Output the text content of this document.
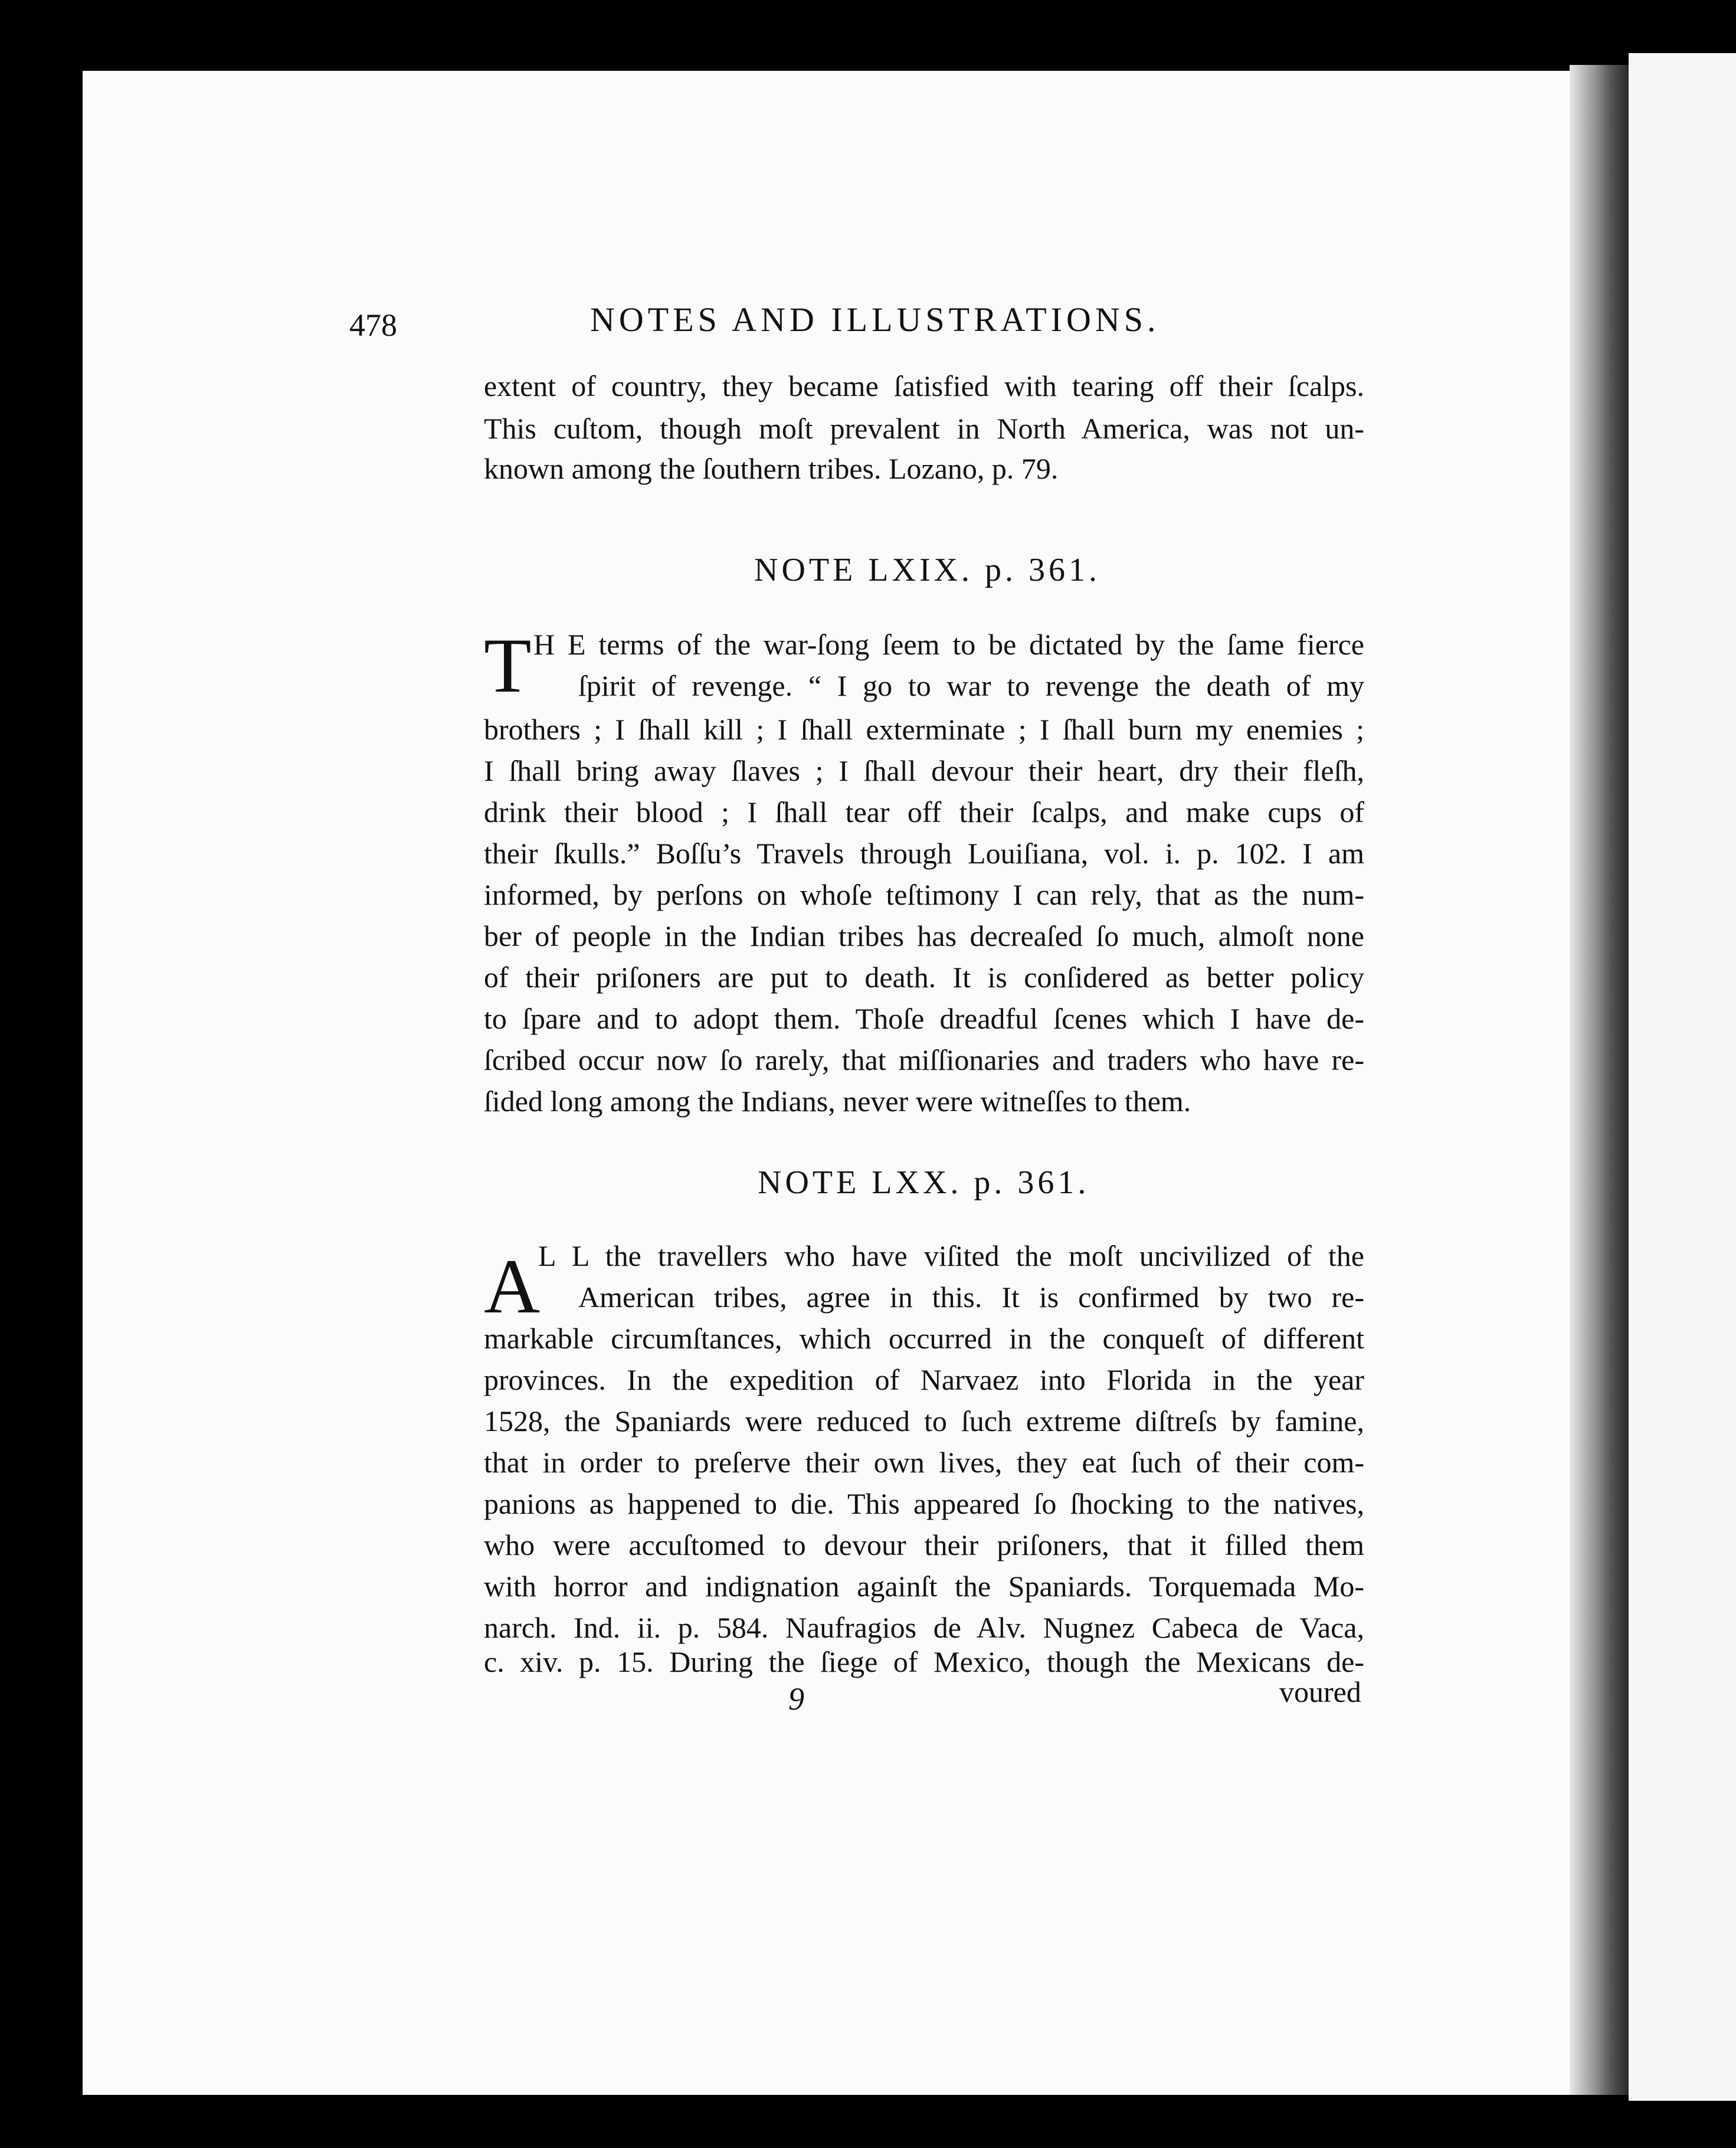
478	NOTES AND ILLUSTRATIONS.
extent of country, they became ſatisfied with tearing off their ſcalps.
This cuſtom, though moſt prevalent in North America, was not un-
known among the ſouthern tribes. Lozano, p. 79.
NOTE LXIX. p. 361.
T H E terms of the war-ſong ſeem to be dictated by the ſame fierce
ſpirit of revenge. “ I go to war to revenge the death of my
brothers ; I ſhall kill ; I ſhall exterminate ; I ſhall burn my enemies ;
I ſhall bring away ſlaves ; I ſhall devour their heart, dry their fleſh,
drink their blood ; I ſhall tear off their ſcalps, and make cups of
their ſkulls.” Boſſu’s Travels through Louiſiana, vol. i. p. 102. I am
informed, by perſons on whoſe teſtimony I can rely, that as the num-
ber of people in the Indian tribes has decreaſed ſo much, almoſt none
of their priſoners are put to death. It is conſidered as better policy
to ſpare and to adopt them. Thoſe dreadful ſcenes which I have de-
ſcribed occur now ſo rarely, that miſſionaries and traders who have re-
ſided long among the Indians, never were witneſſes to them.
NOTE LXX. p. 361.
A
L L the travellers who have viſited the moſt uncivilized of the
American tribes, agree in this. It is confirmed by two re-
markable circumſtances, which occurred in the conqueſt of different
provinces. In the expedition of Narvaez into Florida in the year
1528, the Spaniards were reduced to ſuch extreme diſtreſs by famine,
that in order to preſerve their own lives, they eat ſuch of their com-
panions as happened to die. This appeared ſo ſhocking to the natives,
who were accuſtomed to devour their priſoners, that it filled them
with horror and indignation againſt the Spaniards. Torquemada Mo-
narch. Ind. ii. p. 584. Naufragios de Alv. Nugnez Cabeca de Vaca,
c. xiv. p. 15. During the ſiege of Mexico, though the Mexicans de-
9	voured
